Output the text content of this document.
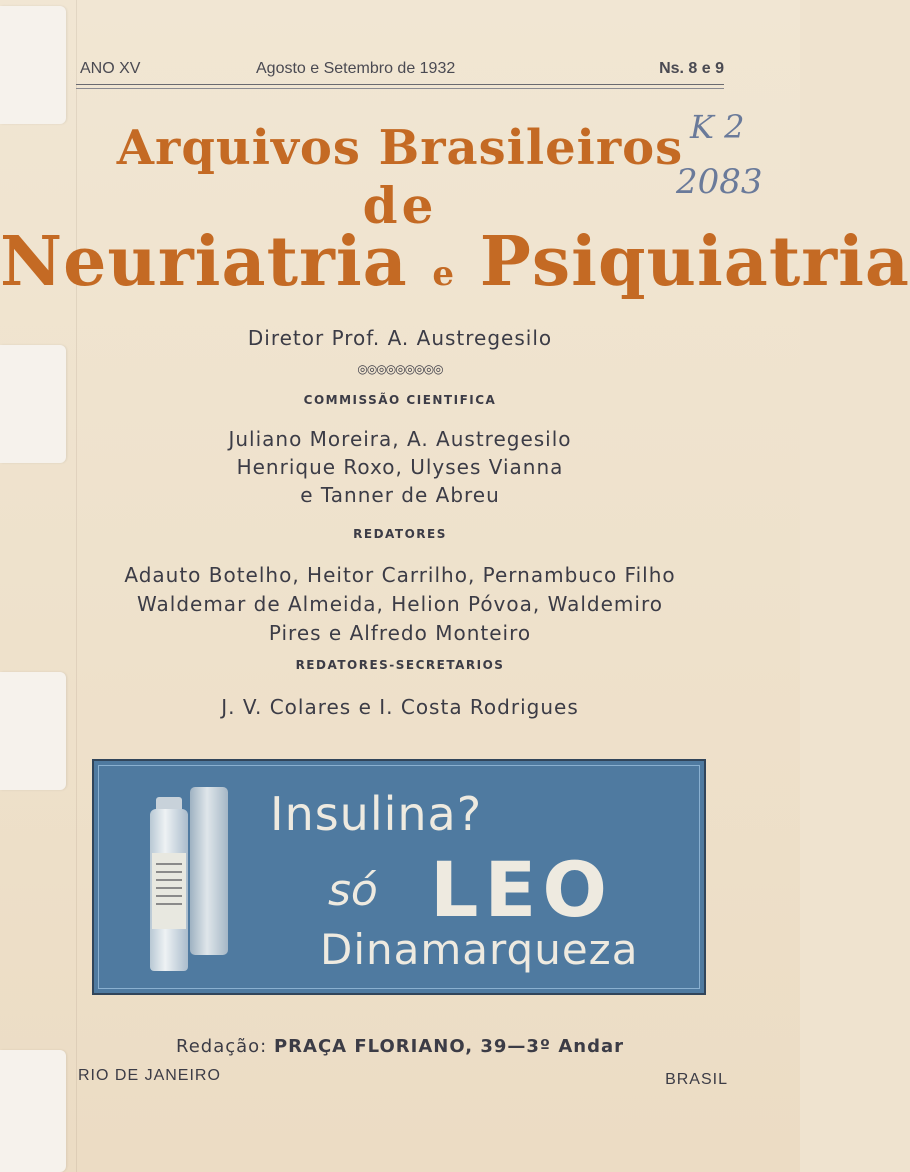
ANO XV	Agosto e Setembro de 1932	Ns. 8 e 9
K 2
2083
Arquivos Brasileiros
de
Neuriatria e Psiquiatria
Diretor Prof. A. Austregesilo
◎◎◎◎◎◎◎◎◎
COMMISSÃO CIENTIFICA
Juliano Moreira, A. Austregesilo
Henrique Roxo, Ulyses Vianna
e Tanner de Abreu
REDATORES
Adauto Botelho, Heitor Carrilho, Pernambuco Filho
Waldemar de Almeida, Helion Póvoa, Waldemiro
Pires e Alfredo Monteiro
REDATORES-SECRETARIOS
J. V. Colares e I. Costa Rodrigues
Insulina?
só LEO
Dinamarqueza
Redação: PRAÇA FLORIANO, 39—3º Andar
RIO DE JANEIRO	BRASIL
